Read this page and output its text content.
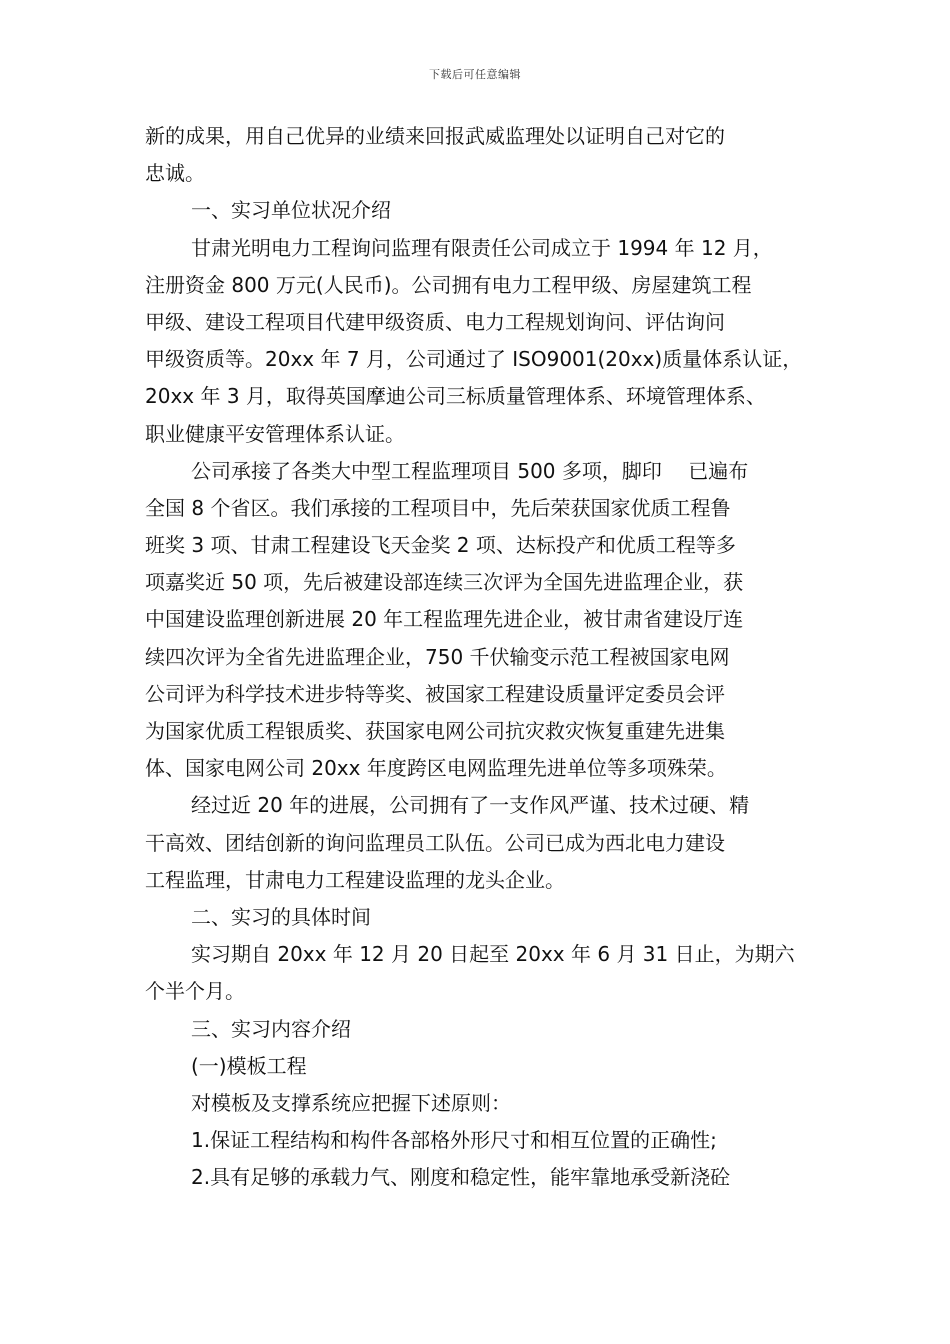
下载后可任意编辑
新的成果，用自己优异的业绩来回报武威监理处以证明自己对它的
忠诚。
一、实习单位状况介绍
甘肃光明电力工程询问监理有限责任公司成立于 1994 年 12 月，
注册资金 800 万元(人民币)。公司拥有电力工程甲级、房屋建筑工程
甲级、建设工程项目代建甲级资质、电力工程规划询问、评估询问
甲级资质等。20xx 年 7 月，公司通过了 ISO9001(20xx)质量体系认证，
20xx 年 3 月，取得英国摩迪公司三标质量管理体系、环境管理体系、
职业健康平安管理体系认证。
公司承接了各类大中型工程监理项目 500 多项，脚印　 已遍布
全国 8 个省区。我们承接的工程项目中，先后荣获国家优质工程鲁
班奖 3 项、甘肃工程建设飞天金奖 2 项、达标投产和优质工程等多
项嘉奖近 50 项，先后被建设部连续三次评为全国先进监理企业，获
中国建设监理创新进展 20 年工程监理先进企业，被甘肃省建设厅连
续四次评为全省先进监理企业，750 千伏输变示范工程被国家电网
公司评为科学技术进步特等奖、被国家工程建设质量评定委员会评
为国家优质工程银质奖、获国家电网公司抗灾救灾恢复重建先进集
体、国家电网公司 20xx 年度跨区电网监理先进单位等多项殊荣。
经过近 20 年的进展，公司拥有了一支作风严谨、技术过硬、精
干高效、团结创新的询问监理员工队伍。公司已成为西北电力建设
工程监理，甘肃电力工程建设监理的龙头企业。
二、实习的具体时间
实习期自 20xx 年 12 月 20 日起至 20xx 年 6 月 31 日止，为期六
个半个月。
三、实习内容介绍
(一)模板工程
对模板及支撑系统应把握下述原则：
1.保证工程结构和构件各部格外形尺寸和相互位置的正确性;
2.具有足够的承载力气、刚度和稳定性，能牢靠地承受新浇砼
